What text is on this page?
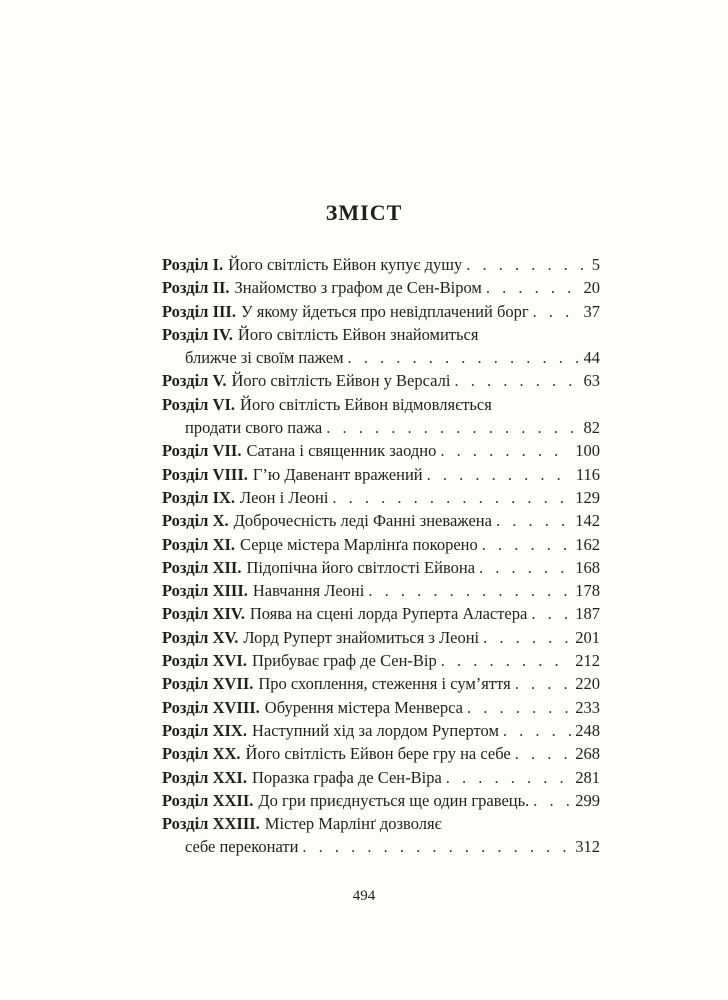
ЗМІСТ
Розділ I. Його світлість Ейвон купує душу . . .	5
Розділ II. Знайомство з графом де Сен-Віром . . .	20
Розділ III. У якому йдеться про невідплачений борг . . .	37
Розділ IV. Його світлість Ейвон знайомиться
ближче зі своїм пажем . . .	44
Розділ V. Його світлість Ейвон у Версалі . . .	63
Розділ VI. Його світлість Ейвон відмовляється
продати свого пажа . . .	82
Розділ VII. Сатана і священник заодно . . .	100
Розділ VIII. Г’ю Давенант вражений . . .	116
Розділ IX. Леон і Леоні . . .	129
Розділ X. Доброчесність леді Фанні зневажена . . .	142
Розділ XI. Серце містера Марлінґа покорено . . .	162
Розділ XII. Підопічна його світлості Ейвона . . .	168
Розділ XIII. Навчання Леоні . . .	178
Розділ XIV. Поява на сцені лорда Руперта Аластера . . .	187
Розділ XV. Лорд Руперт знайомиться з Леоні . . .	201
Розділ XVI. Прибуває граф де Сен-Вір . . .	212
Розділ XVII. Про схоплення, стеження і сум’яття . . .	220
Розділ XVIII. Обурення містера Менверса . . .	233
Розділ XIX. Наступний хід за лордом Рупертом . . .	248
Розділ XX. Його світлість Ейвон бере гру на себе . . .	268
Розділ XXI. Поразка графа де Сен-Віра . . .	281
Розділ XXII. До гри приєднується ще один гравець. . . .	299
Розділ XXIII. Містер Марлінґ дозволяє
себе переконати . . .	312
494
